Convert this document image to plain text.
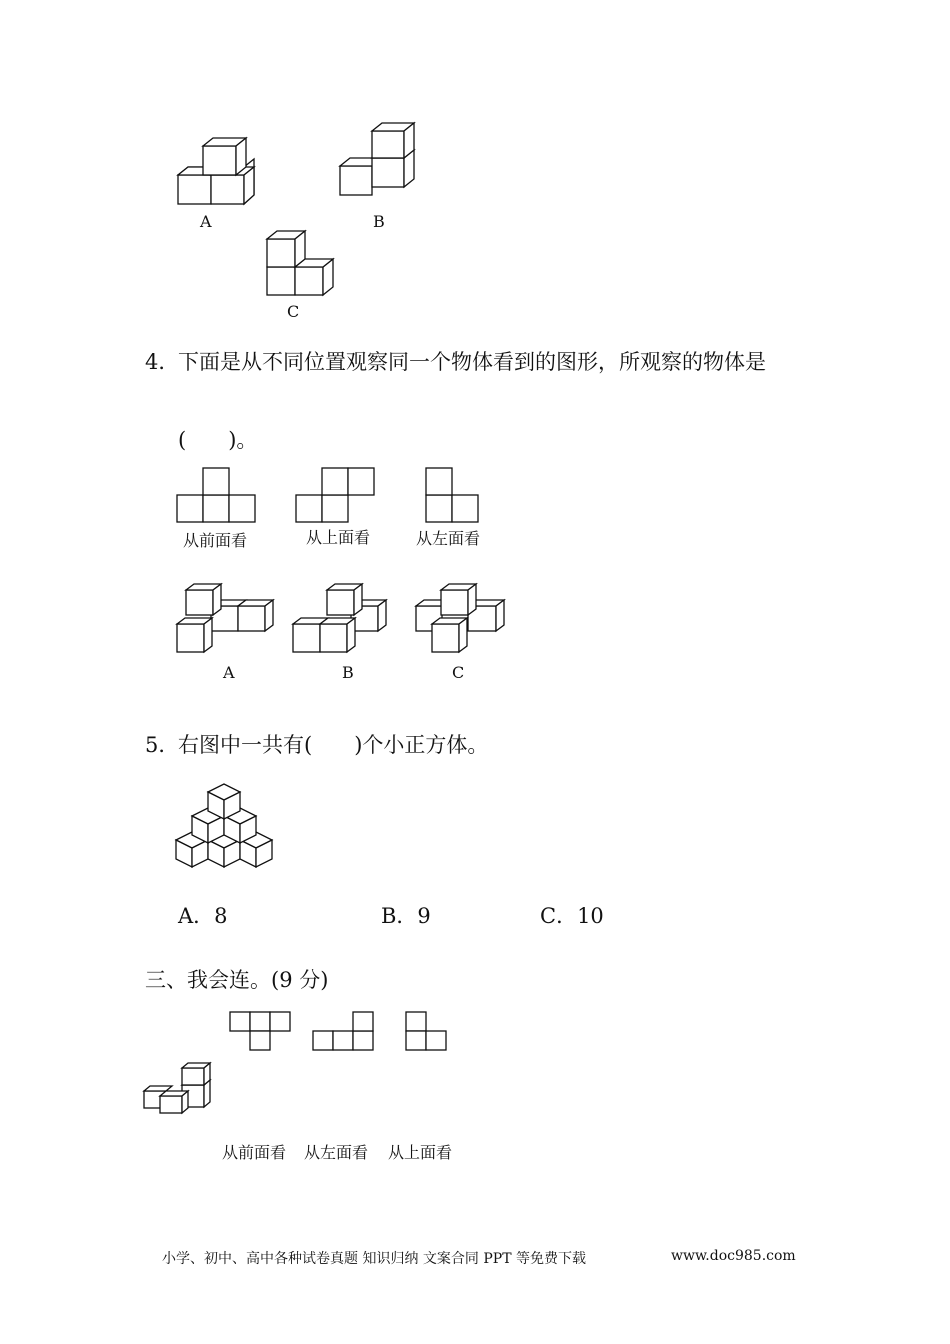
A	B
C
4．
下面是从不同位置观察同一个物体看到的图形，所观察的物体是
(　　)。
从前面看	从上面看	从左面看
A	B	C
5．
右图中一共有(　　)个小正方体。
A．8	B．9	C．10
三、我会连。(9 分)
从前面看 从左面看 从上面看
小学、初中、高中各种试卷真题 知识归纳 文案合同 PPT 等免费下载	www.doc985.com
